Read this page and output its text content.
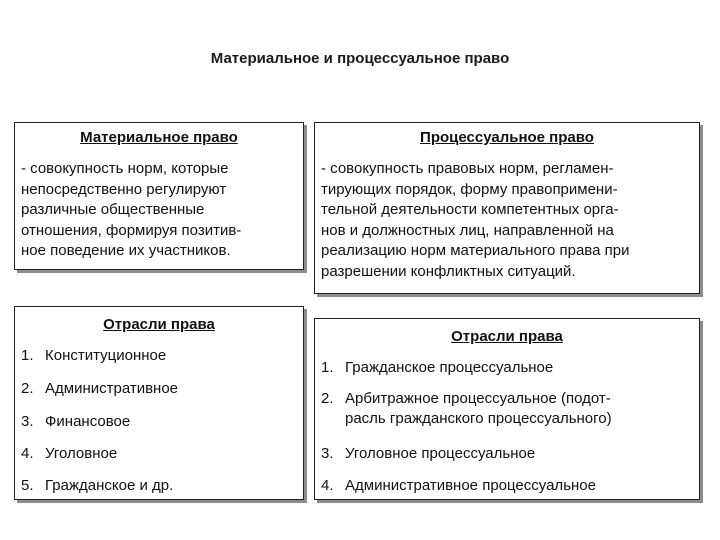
Материальное и процессуальное право
Материальное право
- совокупность норм, которые
непосредственно регулируют
различные общественные
отношения, формируя позитив-
ное поведение их участников.
Процессуальное право
- совокупность правовых норм, регламен-
тирующих порядок, форму правопримени-
тельной деятельности компетентных орга-
нов и должностных лиц, направленной на
реализацию норм материального права при
разрешении конфликтных ситуаций.
Отрасли права
1. Конституционное
2. Административное
3. Финансовое
4. Уголовное
5. Гражданское и др.
Отрасли права
1. Гражданское процессуальное
2. Арбитражное процессуальное (подот-
расль гражданского процессуального)
3. Уголовное процессуальное
4. Административное процессуальное
